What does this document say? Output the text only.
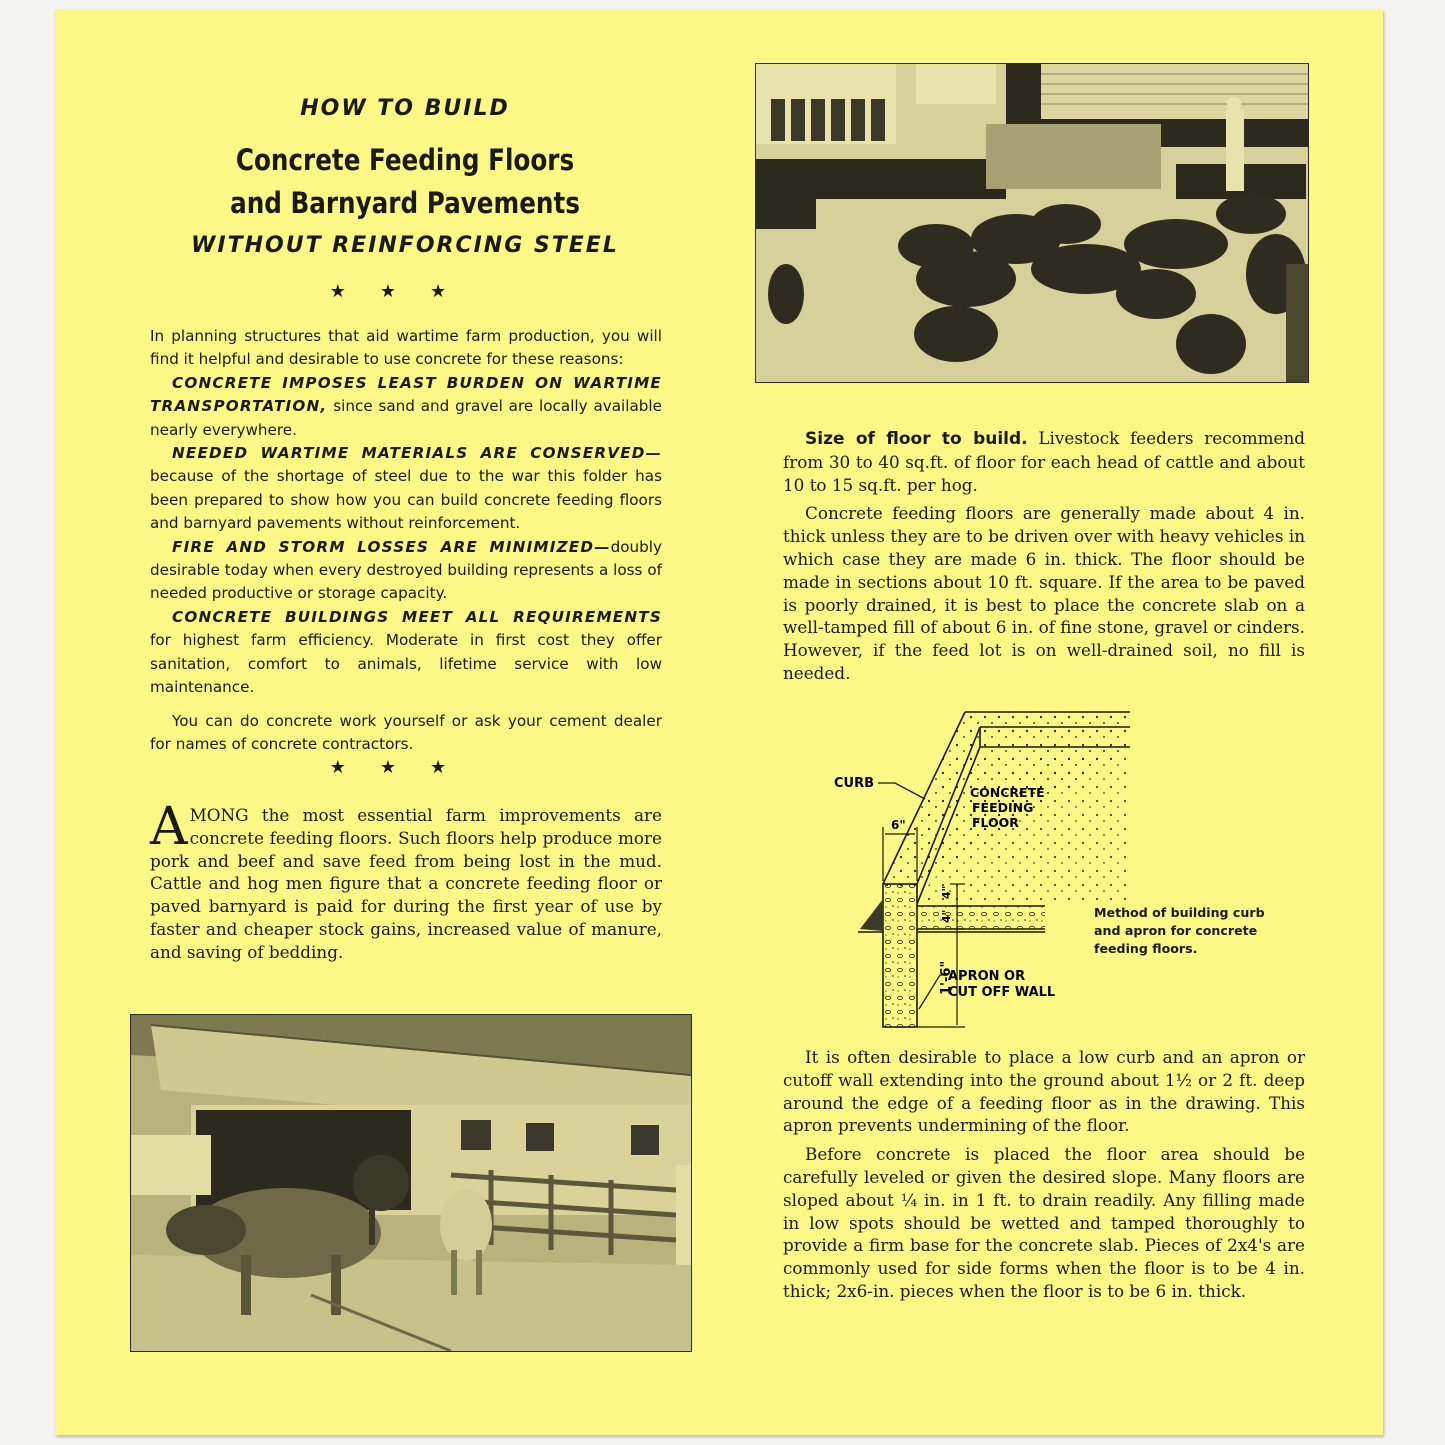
HOW TO BUILD
Concrete Feeding Floors
and Barnyard Pavements
WITHOUT REINFORCING STEEL
★★★

In planning structures that aid wartime farm production, you will find it helpful and desirable to use concrete for these reasons:

CONCRETE IMPOSES LEAST BURDEN ON WARTIME TRANSPORTATION, since sand and gravel are locally available nearly everywhere.

NEEDED WARTIME MATERIALS ARE CONSERVED—because of the shortage of steel due to the war this folder has been prepared to show how you can build concrete feeding floors and barnyard pavements without reinforcement.

FIRE AND STORM LOSSES ARE MINIMIZED—doubly desirable today when every destroyed building represents a loss of needed productive or storage capacity.

CONCRETE BUILDINGS MEET ALL REQUIREMENTS for highest farm efficiency. Moderate in first cost they offer sanitation, comfort to animals, lifetime service with low maintenance.

You can do concrete work yourself or ask your cement dealer for names of concrete contractors.

★★★

AMONG the most essential farm improvements are concrete feeding floors. Such floors help produce more pork and beef and save feed from being lost in the mud. Cattle and hog men figure that a concrete feeding floor or paved barnyard is paid for during the first year of use by faster and cheaper stock gains, increased value of manure, and saving of bedding.

Size of floor to build. Livestock feeders recommend from 30 to 40 sq.ft. of floor for each head of cattle and about 10 to 15 sq.ft. per hog.

Concrete feeding floors are generally made about 4 in. thick unless they are to be driven over with heavy vehicles in which case they are made 6 in. thick. The floor should be made in sections about 10 ft. square. If the area to be paved is poorly drained, it is best to place the concrete slab on a well-tamped fill of about 6 in. of fine stone, gravel or cinders. However, if the feed lot is on well-drained soil, no fill is needed.

6"
4"
4"
1'-6"
CURB
CONCRETE
FEEDING
FLOOR
APRON OR
CUT OFF WALL
Method of building curb and apron for concrete feeding floors.

It is often desirable to place a low curb and an apron or cutoff wall extending into the ground about 1½ or 2 ft. deep around the edge of a feeding floor as in the drawing. This apron prevents undermining of the floor.

Before concrete is placed the floor area should be carefully leveled or given the desired slope. Many floors are sloped about ¼ in. in 1 ft. to drain readily. Any filling made in low spots should be wetted and tamped thoroughly to provide a firm base for the concrete slab. Pieces of 2x4's are commonly used for side forms when the floor is to be 4 in. thick; 2x6-in. pieces when the floor is to be 6 in. thick.
